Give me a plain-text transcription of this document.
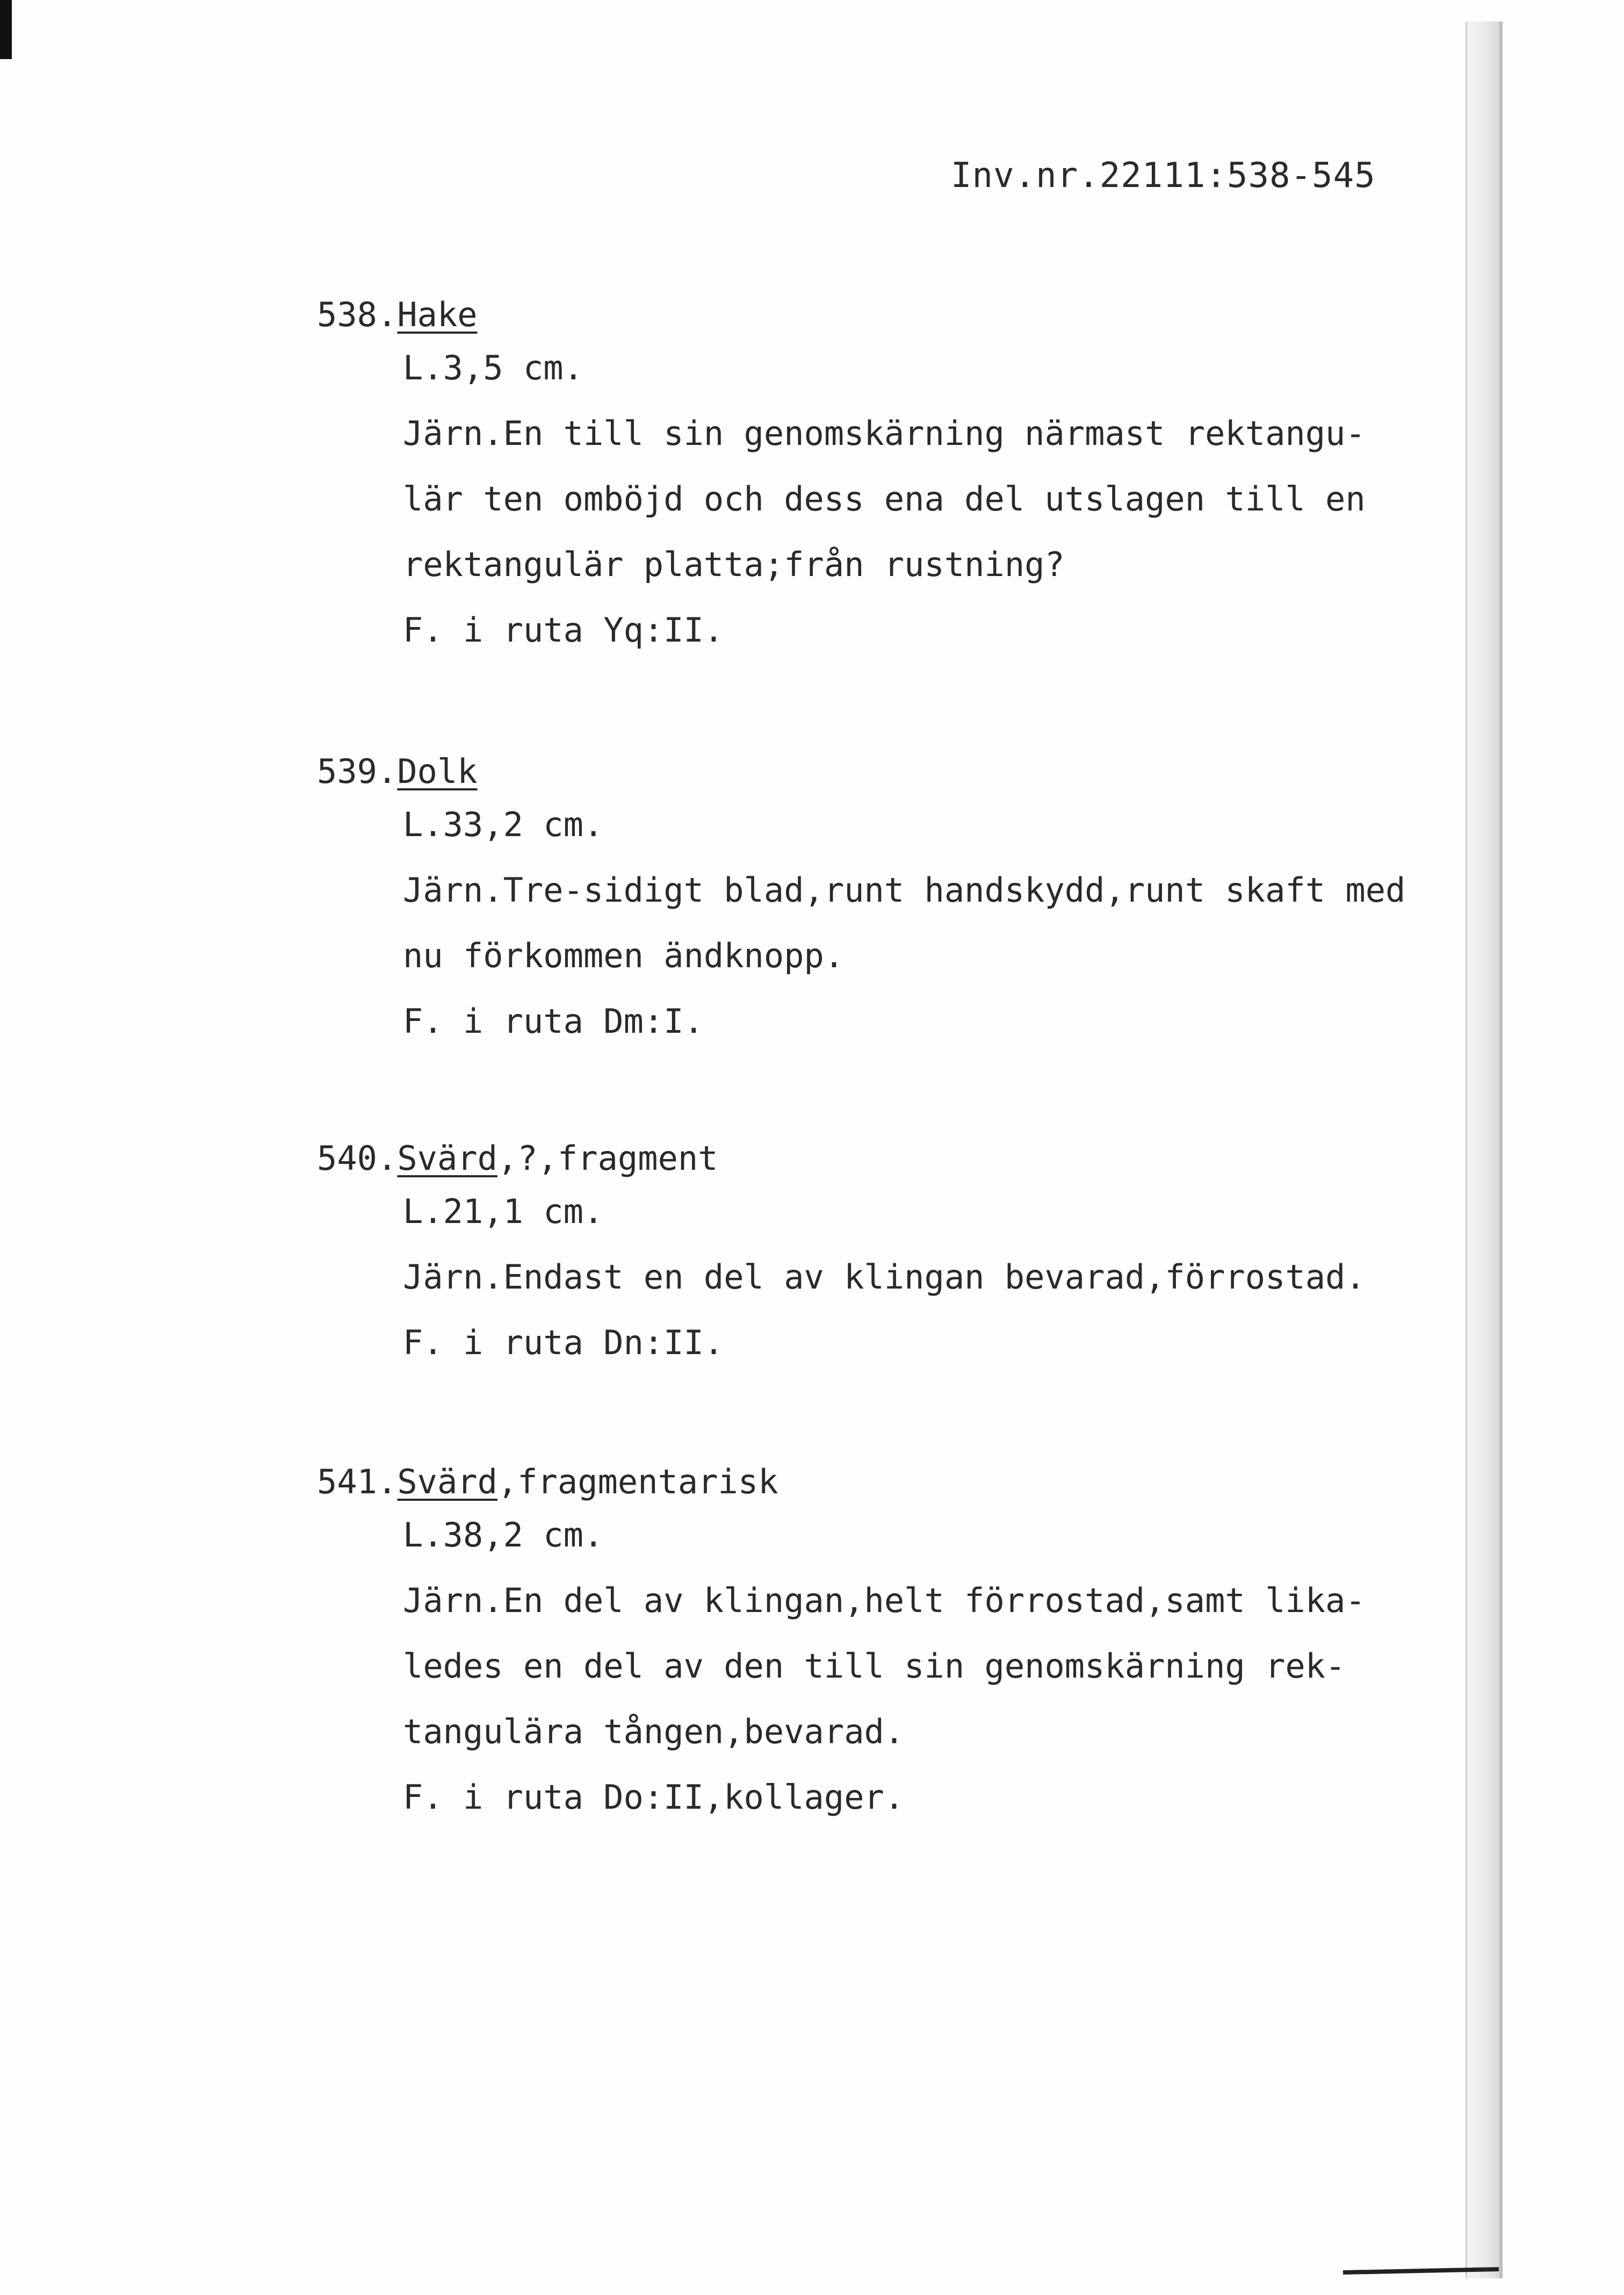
Inv.nr.22111:538-545
538.Hake
L.3,5 cm.
Järn.En till sin genomskärning närmast rektangu-
lär ten omböjd och dess ena del utslagen till en
rektangulär platta;från rustning?
F. i ruta Yq:II.
539.Dolk
L.33,2 cm.
Järn.Tre-sidigt blad,runt handskydd,runt skaft med
nu förkommen ändknopp.
F. i ruta Dm:I.
540.Svärd,?,fragment
L.21,1 cm.
Järn.Endast en del av klingan bevarad,förrostad.
F. i ruta Dn:II.
541.Svärd,fragmentarisk
L.38,2 cm.
Järn.En del av klingan,helt förrostad,samt lika-
ledes en del av den till sin genomskärning rek-
tangulära tången,bevarad.
F. i ruta Do:II,kollager.
